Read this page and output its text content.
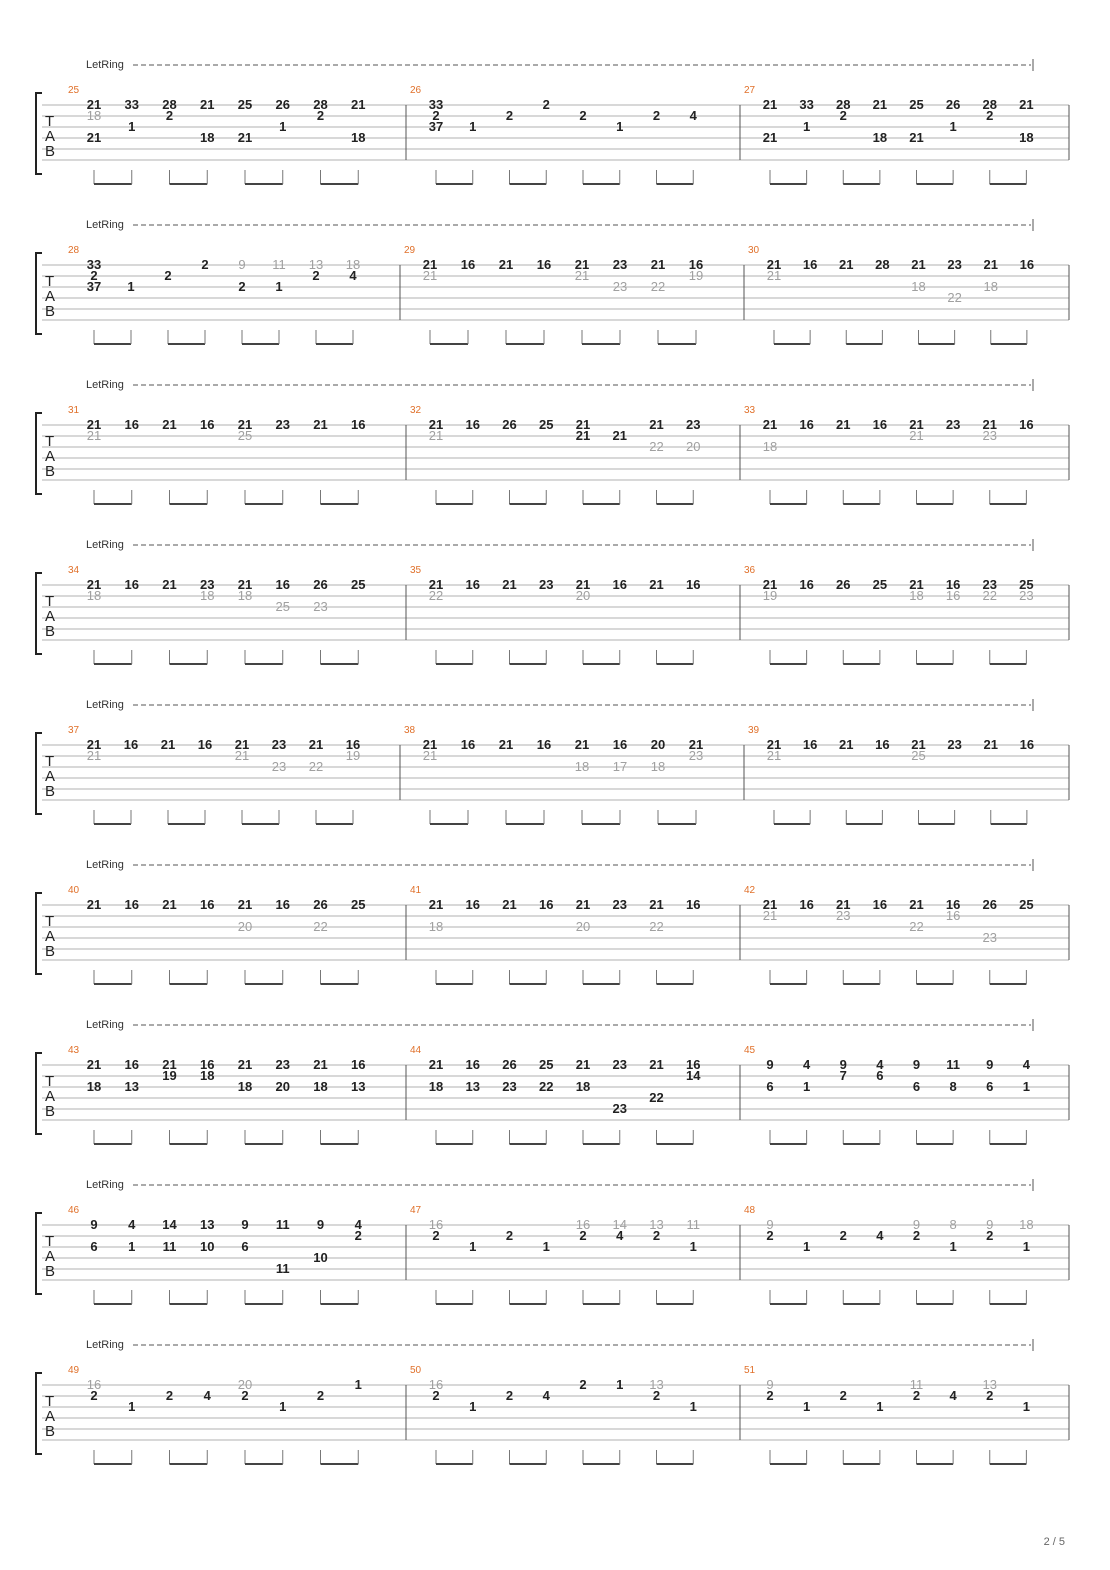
LetRing
T
A
B
25
21
18
21
33
1
28
2
21
18
25
21
26
1
28
2
21
18
26
33
2
37 1
2
2
2
1
2 4
27
21
21
33
1
28
2
21
18
25
21
26
1
28
2
21
18
LetRing
T
A
B
28
33
2
37 1
2
2 9
2
11
1
13
2
18
4
29
21
21
16 21 16 21
21
23
23
21
22
16
19
30
21
21
16 21 28 21
18
23
22
21
18
16
LetRing
T
A
B
31
21
21
16 21 16 21
25
23 21 16
32
21
21
16 26 25 21
21 21
21
22
23
20
33
21
18
16 21 16 21
21
23 21
23
16
LetRing
T
A
B
34
21
18
16 21 23
18
21
18
16
25
26
23
25
35
21
22
16 21 23 21
20
16 21 16
36
21
19
16 26 25 21
18
16
16
23
22
25
23
LetRing
T
A
B
37
21
21
16 21 16 21
21
23
23
21
22
16
19
38
21
21
16 21 16 21
18
16
17
20
18
21
23
39
21
21
16 21 16 21
25
23 21 16
LetRing
T
A
B
40
21 16 21 16 21
20
16 26
22
25
41
21
18
16 21 16 21
20
23 21
22
16
42
21
21
16 21
23
16 21
22
16
16
26
23
25
LetRing
T
A
B
43
21
18
16
13
21
19
16
18
21
18
23
20
21
18
16
13
44
21
18
16
13
26
23
25
22
21
18
23
23
21
22
16
14
45
9
6
4
1
9
7
4
6
9
6
11
8
9
6
4
1
LetRing
T
A
B
46
9
6
4
1
14
11
13
10
9
6
11
11
9
10
4
2
47
16
2
1
2
1
16
2
14
4
13
2
11
1
48
9
2
1
2 4
9
2
8
1
9
2
18
1
LetRing
T
A
B
49
16
2
1
2 4
20
2
1
2
1
50
16
2
1
2 4
2 1 13
2
1
51
9
2
1
2
1
11
2 4
13
2
1
2 / 5
